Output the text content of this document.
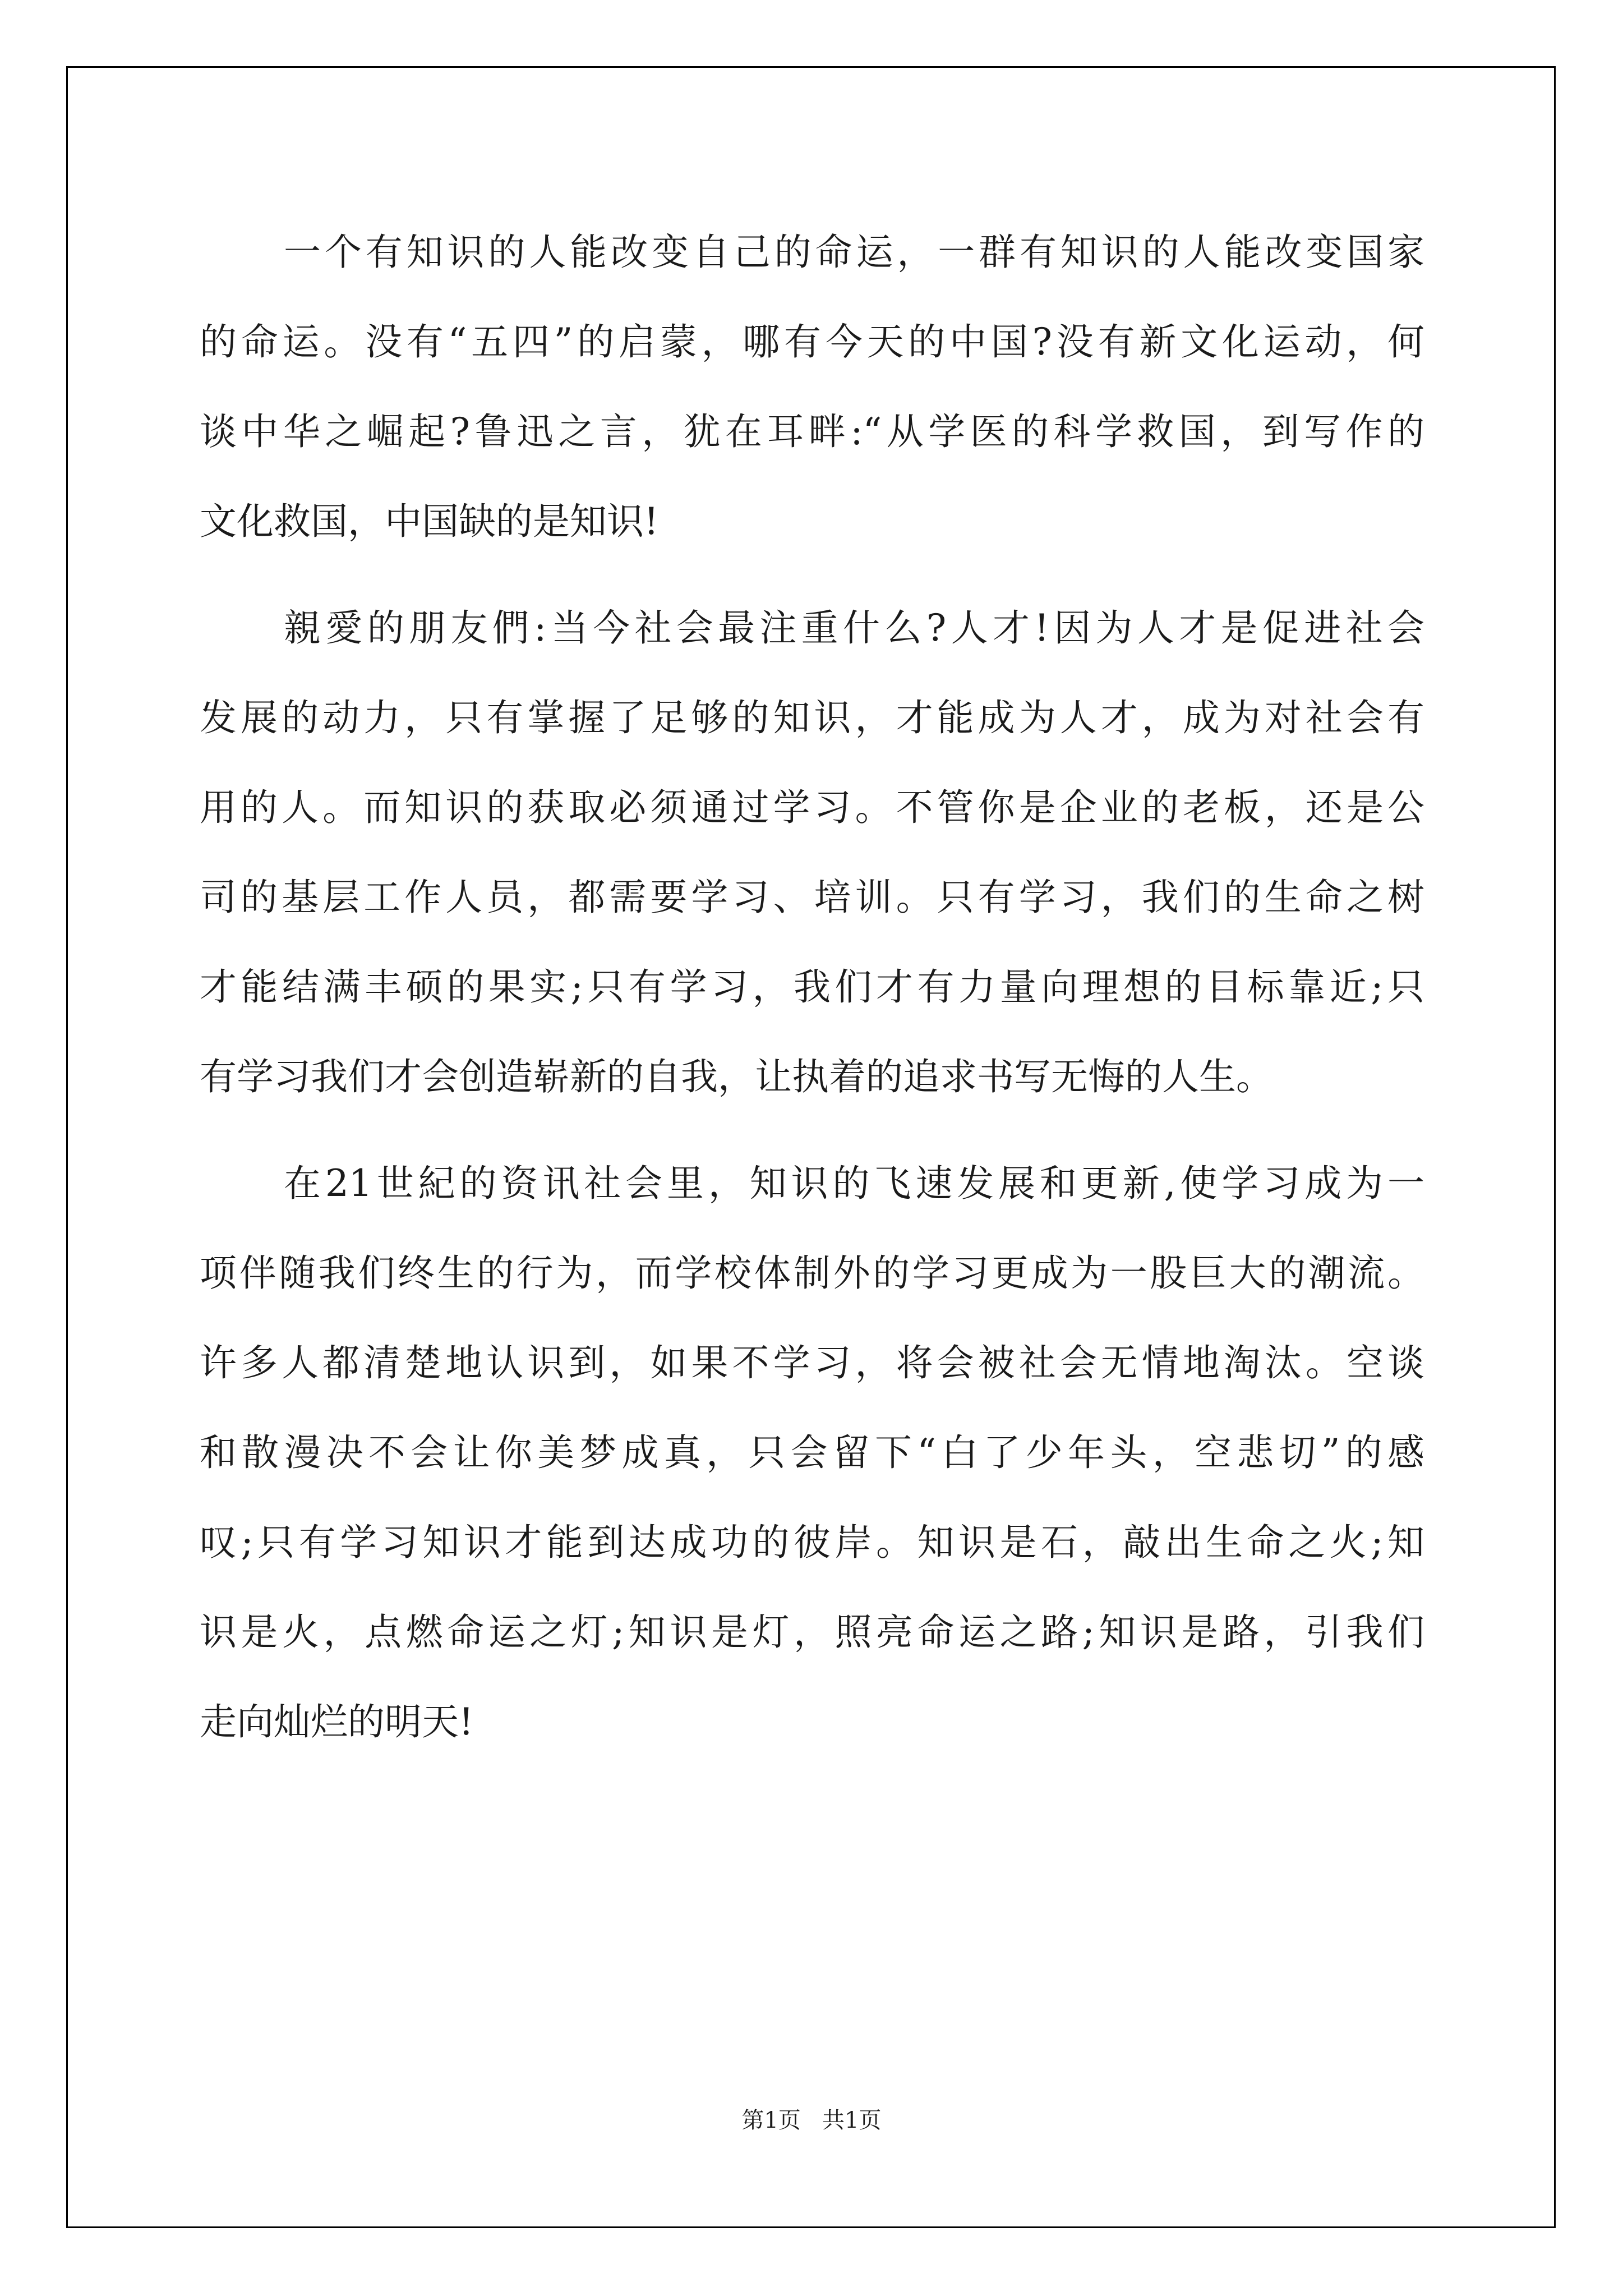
一个有知识的人能改变自己的命运，一群有知识的人能改变国家
的命运。没有“五四”的启蒙，哪有今天的中国?没有新文化运动，何
谈中华之崛起?鲁迅之言，犹在耳畔:“从学医的科学救国，到写作的
文化救国，中国缺的是知识!
親愛的朋友們:当今社会最注重什么?人才!因为人才是促进社会
发展的动力，只有掌握了足够的知识，才能成为人才，成为对社会有
用的人。而知识的获取必须通过学习。不管你是企业的老板，还是公
司的基层工作人员，都需要学习、培训。只有学习，我们的生命之树
才能结满丰硕的果实;只有学习，我们才有力量向理想的目标靠近;只
有学习我们才会创造崭新的自我，让执着的追求书写无悔的人生。
在21世紀的资讯社会里，知识的飞速发展和更新,使学习成为一
项伴随我们终生的行为，而学校体制外的学习更成为一股巨大的潮流。
许多人都清楚地认识到，如果不学习，将会被社会无情地淘汰。空谈
和散漫决不会让你美梦成真，只会留下“白了少年头，空悲切”的感
叹;只有学习知识才能到达成功的彼岸。知识是石，敲出生命之火;知
识是火，点燃命运之灯;知识是灯，照亮命运之路;知识是路，引我们
走向灿烂的明天!
第1页   共1页
